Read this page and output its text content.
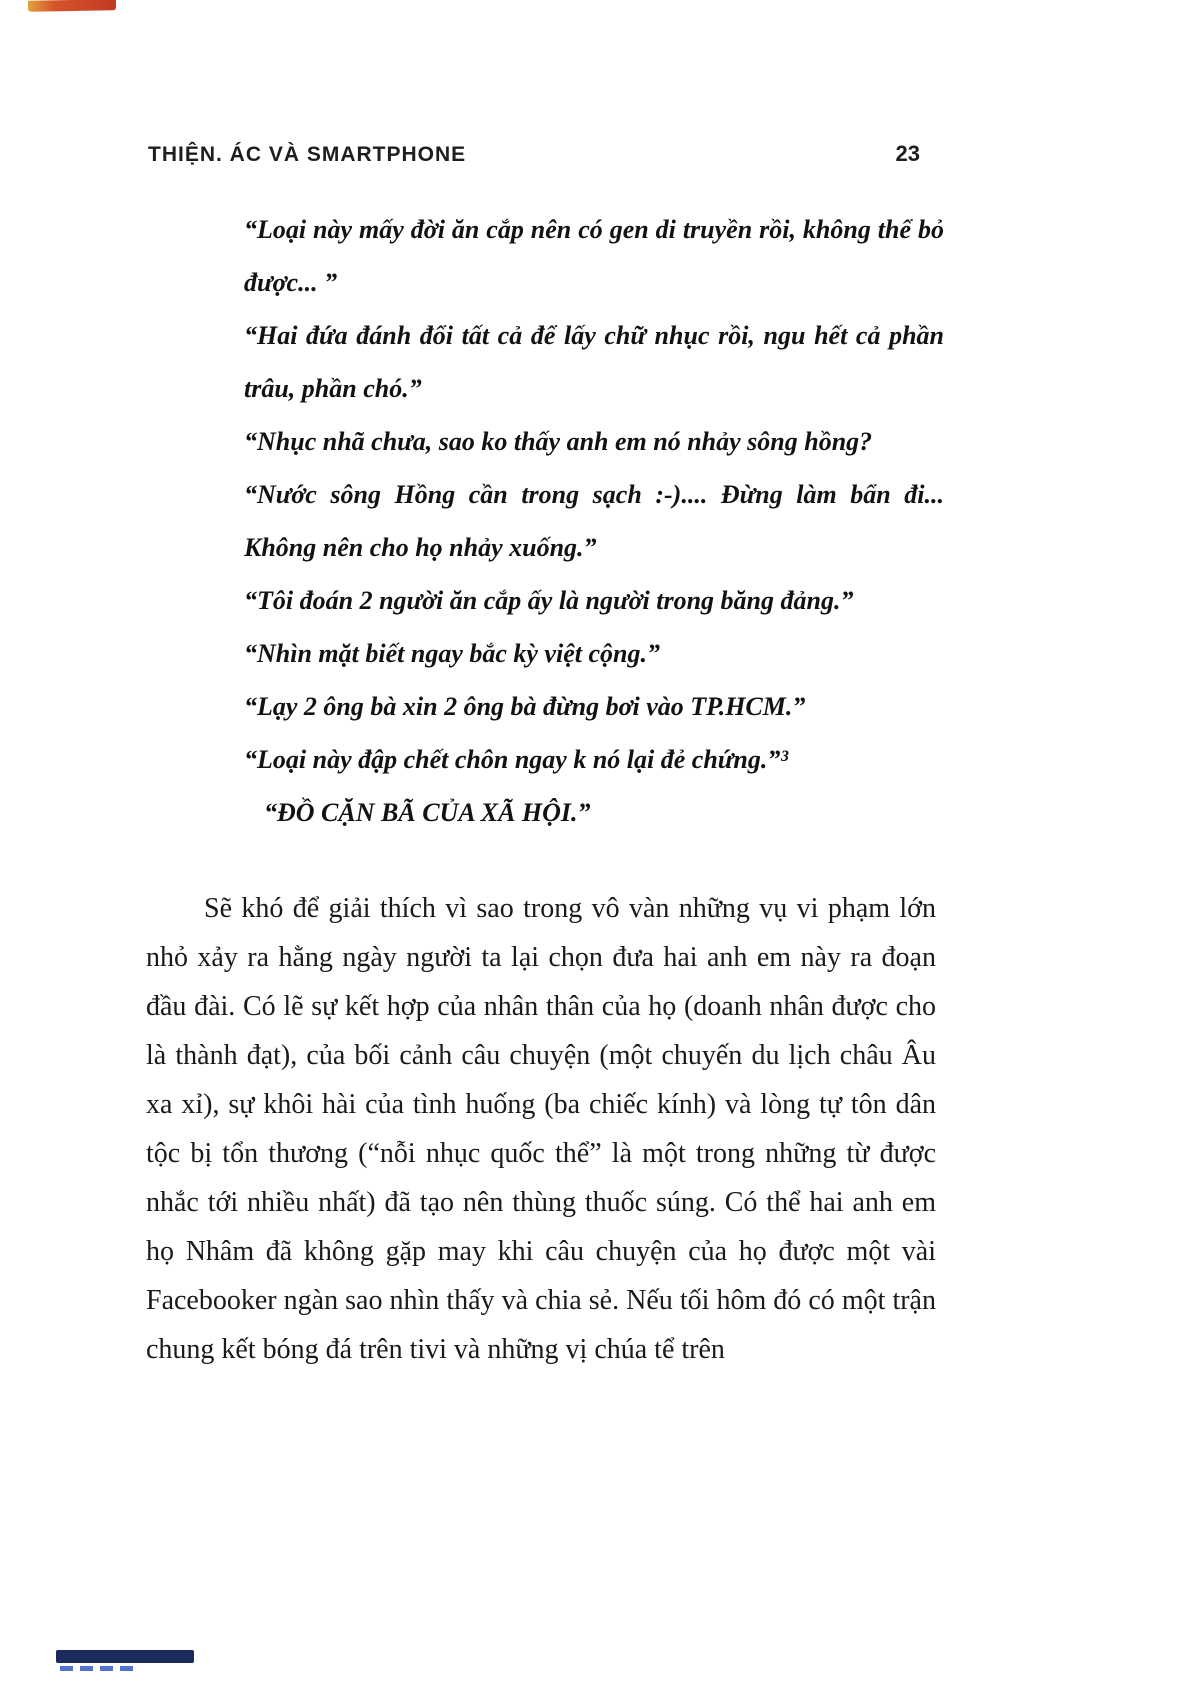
THIỆN. ÁC VÀ SMARTPHONE	23

“Loại này mấy đời ăn cắp nên có gen di truyền rồi, không thể bỏ được... ”

“Hai đứa đánh đổi tất cả để lấy chữ nhục rồi, ngu hết cả phần trâu, phần chó.”

“Nhục nhã chưa, sao ko thấy anh em nó nhảy sông hồng?

“Nước sông Hồng cần trong sạch :-).... Đừng làm bẩn đi... Không nên cho họ nhảy xuống.”

“Tôi đoán 2 người ăn cắp ấy là người trong băng đảng.”

“Nhìn mặt biết ngay bắc kỳ việt cộng.”

“Lạy 2 ông bà xin 2 ông bà đừng bơi vào TP.HCM.”

“Loại này đập chết chôn ngay k nó lại đẻ chứng.”³

“ĐỒ CẶN BÃ CỦA XÃ HỘI.”

Sẽ khó để giải thích vì sao trong vô vàn những vụ vi phạm lớn nhỏ xảy ra hằng ngày người ta lại chọn đưa hai anh em này ra đoạn đầu đài. Có lẽ sự kết hợp của nhân thân của họ (doanh nhân được cho là thành đạt), của bối cảnh câu chuyện (một chuyến du lịch châu Âu xa xỉ), sự khôi hài của tình huống (ba chiếc kính) và lòng tự tôn dân tộc bị tổn thương (“nỗi nhục quốc thể” là một trong những từ được nhắc tới nhiều nhất) đã tạo nên thùng thuốc súng. Có thể hai anh em họ Nhâm đã không gặp may khi câu chuyện của họ được một vài Facebooker ngàn sao nhìn thấy và chia sẻ. Nếu tối hôm đó có một trận chung kết bóng đá trên tivi và những vị chúa tể trên
